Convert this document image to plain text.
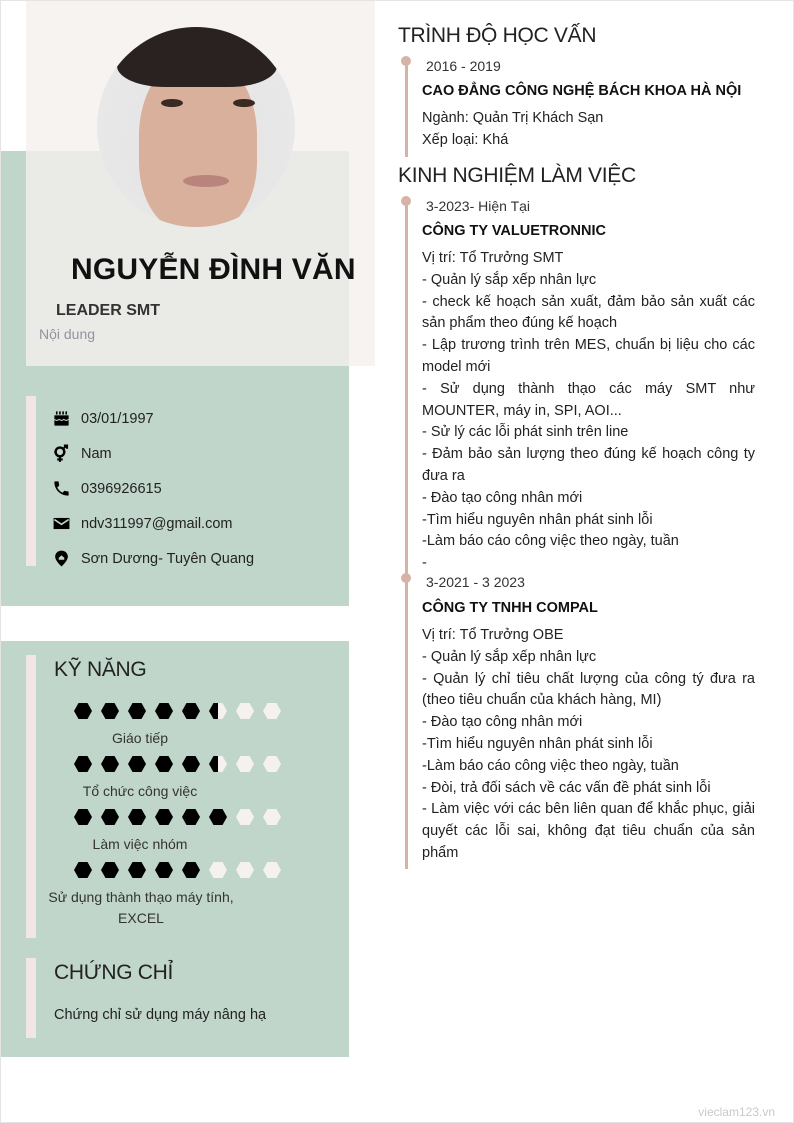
NGUYỄN ĐÌNH VĂN
LEADER SMT
Nội dung
03/01/1997
Nam
0396926615
ndv311997@gmail.com
Sơn Dương- Tuyên Quang
KỸ NĂNG
Giáo tiếp
Tổ chức công việc
Làm việc nhóm
Sử dụng thành thạo máy tính, EXCEL
CHỨNG CHỈ
Chứng chỉ sử dụng máy nâng hạ
TRÌNH ĐỘ HỌC VẤN
2016 - 2019
CAO ĐẲNG CÔNG NGHỆ BÁCH KHOA HÀ NỘI
Ngành: Quản Trị Khách Sạn
Xếp loại: Khá
KINH NGHIỆM LÀM VIỆC
3-2023- Hiện Tại
CÔNG TY VALUETRONNIC
Vị trí: Tổ Trưởng SMT
- Quản lý sắp xếp nhân lực
- check kế hoạch sản xuất, đảm bảo sản xuất các sản phẩm theo đúng kế hoạch
- Lập trương trình trên MES, chuẩn bị liệu cho các model mới
- Sử dụng thành thạo các máy SMT như MOUNTER, máy in, SPI, AOI...
- Sử lý các lỗi phát sinh trên line
- Đảm bảo sản lượng theo đúng kế hoạch công ty đưa ra
- Đào tạo công nhân mới
-Tìm hiểu nguyên nhân phát sinh lỗi
-Làm báo cáo công việc theo ngày, tuần
-
3-2021 - 3 2023
CÔNG TY TNHH COMPAL
Vị trí: Tổ Trưởng OBE
- Quản lý sắp xếp nhân lực
- Quản lý chỉ tiêu chất lượng của công tý đưa ra (theo tiêu chuẩn của khách hàng, MI)
- Đào tạo công nhân mới
-Tìm hiểu nguyên nhân phát sinh lỗi
-Làm báo cáo công việc theo ngày, tuần
- Đòi, trả đối sách về các vấn đề phát sinh lỗi
- Làm việc với các bên liên quan để khắc phục, giải quyết các lỗi sai, không đạt tiêu chuẩn của sản phẩm
vieclam123.vn
